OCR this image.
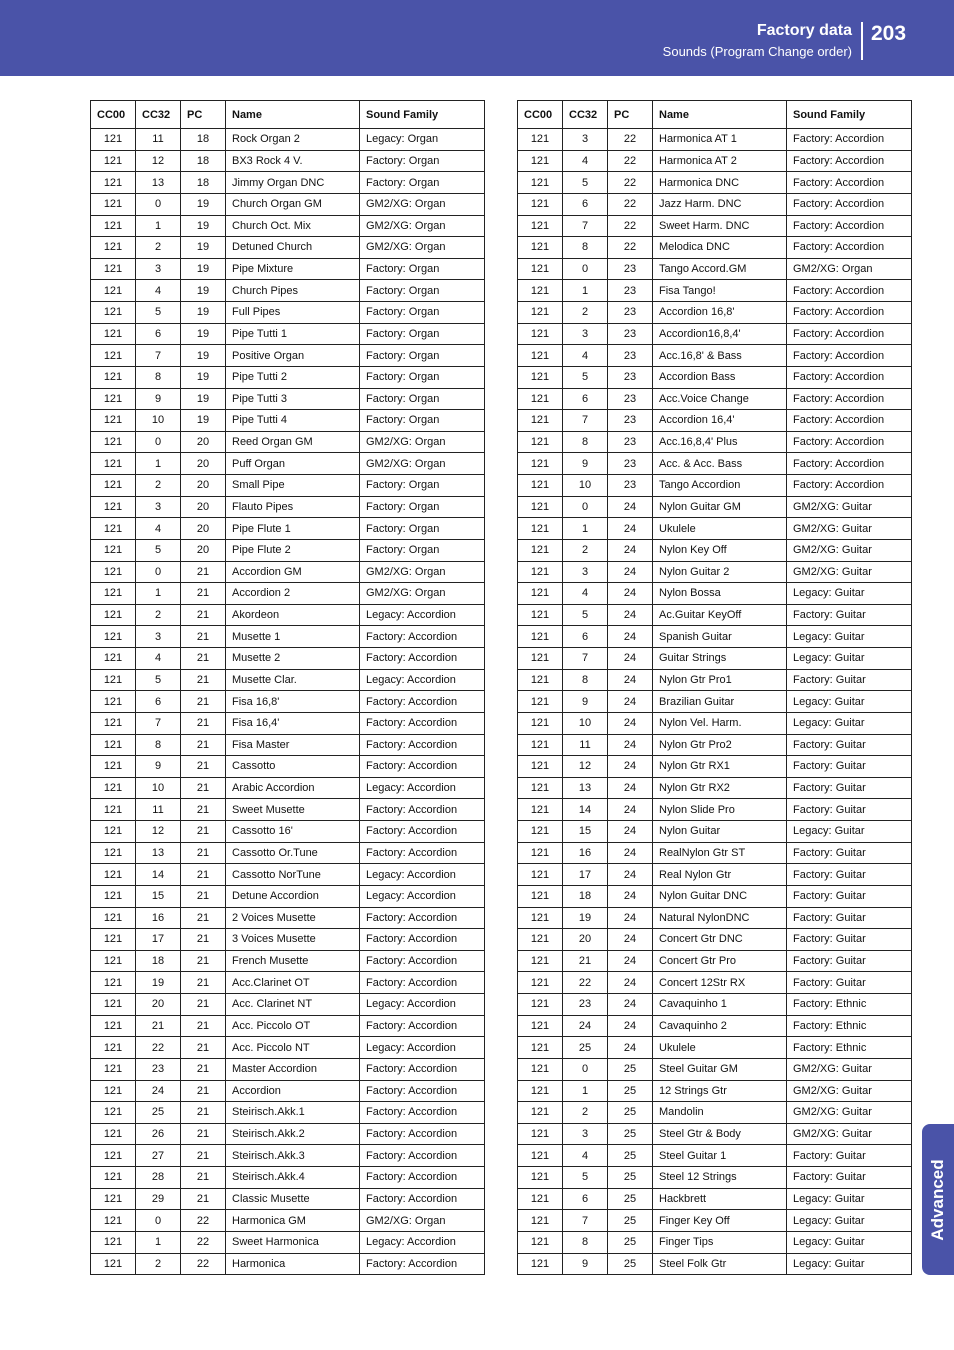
Factory data
Sounds (Program Change order)
203
CC00	CC32	PC	Name	Sound Family
121	11	18	Rock Organ 2	Legacy: Organ
121	12	18	BX3 Rock 4 V.	Factory: Organ
121	13	18	Jimmy Organ DNC	Factory: Organ
121	0	19	Church Organ GM	GM2/XG: Organ
121	1	19	Church Oct. Mix	GM2/XG: Organ
121	2	19	Detuned Church	GM2/XG: Organ
121	3	19	Pipe Mixture	Factory: Organ
121	4	19	Church Pipes	Factory: Organ
121	5	19	Full Pipes	Factory: Organ
121	6	19	Pipe Tutti 1	Factory: Organ
121	7	19	Positive Organ	Factory: Organ
121	8	19	Pipe Tutti 2	Factory: Organ
121	9	19	Pipe Tutti 3	Factory: Organ
121	10	19	Pipe Tutti 4	Factory: Organ
121	0	20	Reed Organ GM	GM2/XG: Organ
121	1	20	Puff Organ	GM2/XG: Organ
121	2	20	Small Pipe	Factory: Organ
121	3	20	Flauto Pipes	Factory: Organ
121	4	20	Pipe Flute 1	Factory: Organ
121	5	20	Pipe Flute 2	Factory: Organ
121	0	21	Accordion GM	GM2/XG: Organ
121	1	21	Accordion 2	GM2/XG: Organ
121	2	21	Akordeon	Legacy: Accordion
121	3	21	Musette 1	Factory: Accordion
121	4	21	Musette 2	Factory: Accordion
121	5	21	Musette Clar.	Legacy: Accordion
121	6	21	Fisa 16,8'	Factory: Accordion
121	7	21	Fisa 16,4'	Factory: Accordion
121	8	21	Fisa Master	Factory: Accordion
121	9	21	Cassotto	Factory: Accordion
121	10	21	Arabic Accordion	Legacy: Accordion
121	11	21	Sweet Musette	Factory: Accordion
121	12	21	Cassotto 16'	Factory: Accordion
121	13	21	Cassotto Or.Tune	Factory: Accordion
121	14	21	Cassotto NorTune	Legacy: Accordion
121	15	21	Detune Accordion	Legacy: Accordion
121	16	21	2 Voices Musette	Factory: Accordion
121	17	21	3 Voices Musette	Factory: Accordion
121	18	21	French Musette	Factory: Accordion
121	19	21	Acc.Clarinet OT	Factory: Accordion
121	20	21	Acc. Clarinet NT	Legacy: Accordion
121	21	21	Acc. Piccolo OT	Factory: Accordion
121	22	21	Acc. Piccolo NT	Legacy: Accordion
121	23	21	Master Accordion	Factory: Accordion
121	24	21	Accordion	Factory: Accordion
121	25	21	Steirisch.Akk.1	Factory: Accordion
121	26	21	Steirisch.Akk.2	Factory: Accordion
121	27	21	Steirisch.Akk.3	Factory: Accordion
121	28	21	Steirisch.Akk.4	Factory: Accordion
121	29	21	Classic Musette	Factory: Accordion
121	0	22	Harmonica GM	GM2/XG: Organ
121	1	22	Sweet Harmonica	Legacy: Accordion
121	2	22	Harmonica	Factory: Accordion
CC00	CC32	PC	Name	Sound Family
121	3	22	Harmonica AT 1	Factory: Accordion
121	4	22	Harmonica AT 2	Factory: Accordion
121	5	22	Harmonica DNC	Factory: Accordion
121	6	22	Jazz Harm. DNC	Factory: Accordion
121	7	22	Sweet Harm. DNC	Factory: Accordion
121	8	22	Melodica DNC	Factory: Accordion
121	0	23	Tango Accord.GM	GM2/XG: Organ
121	1	23	Fisa Tango!	Factory: Accordion
121	2	23	Accordion 16,8'	Factory: Accordion
121	3	23	Accordion16,8,4'	Factory: Accordion
121	4	23	Acc.16,8' & Bass	Factory: Accordion
121	5	23	Accordion Bass	Factory: Accordion
121	6	23	Acc.Voice Change	Factory: Accordion
121	7	23	Accordion 16,4'	Factory: Accordion
121	8	23	Acc.16,8,4' Plus	Factory: Accordion
121	9	23	Acc. & Acc. Bass	Factory: Accordion
121	10	23	Tango Accordion	Factory: Accordion
121	0	24	Nylon Guitar GM	GM2/XG: Guitar
121	1	24	Ukulele	GM2/XG: Guitar
121	2	24	Nylon Key Off	GM2/XG: Guitar
121	3	24	Nylon Guitar 2	GM2/XG: Guitar
121	4	24	Nylon Bossa	Legacy: Guitar
121	5	24	Ac.Guitar KeyOff	Factory: Guitar
121	6	24	Spanish Guitar	Legacy: Guitar
121	7	24	Guitar Strings	Legacy: Guitar
121	8	24	Nylon Gtr Pro1	Factory: Guitar
121	9	24	Brazilian Guitar	Legacy: Guitar
121	10	24	Nylon Vel. Harm.	Legacy: Guitar
121	11	24	Nylon Gtr Pro2	Factory: Guitar
121	12	24	Nylon Gtr RX1	Factory: Guitar
121	13	24	Nylon Gtr RX2	Factory: Guitar
121	14	24	Nylon Slide Pro	Factory: Guitar
121	15	24	Nylon Guitar	Legacy: Guitar
121	16	24	RealNylon Gtr ST	Factory: Guitar
121	17	24	Real Nylon Gtr	Factory: Guitar
121	18	24	Nylon Guitar DNC	Factory: Guitar
121	19	24	Natural NylonDNC	Factory: Guitar
121	20	24	Concert Gtr DNC	Factory: Guitar
121	21	24	Concert Gtr Pro	Factory: Guitar
121	22	24	Concert 12Str RX	Factory: Guitar
121	23	24	Cavaquinho 1	Factory: Ethnic
121	24	24	Cavaquinho 2	Factory: Ethnic
121	25	24	Ukulele	Factory: Ethnic
121	0	25	Steel Guitar GM	GM2/XG: Guitar
121	1	25	12 Strings Gtr	GM2/XG: Guitar
121	2	25	Mandolin	GM2/XG: Guitar
121	3	25	Steel Gtr & Body	GM2/XG: Guitar
121	4	25	Steel Guitar 1	Factory: Guitar
121	5	25	Steel 12 Strings	Factory: Guitar
121	6	25	Hackbrett	Legacy: Guitar
121	7	25	Finger Key Off	Legacy: Guitar
121	8	25	Finger Tips	Legacy: Guitar
121	9	25	Steel Folk Gtr	Legacy: Guitar
Advanced
